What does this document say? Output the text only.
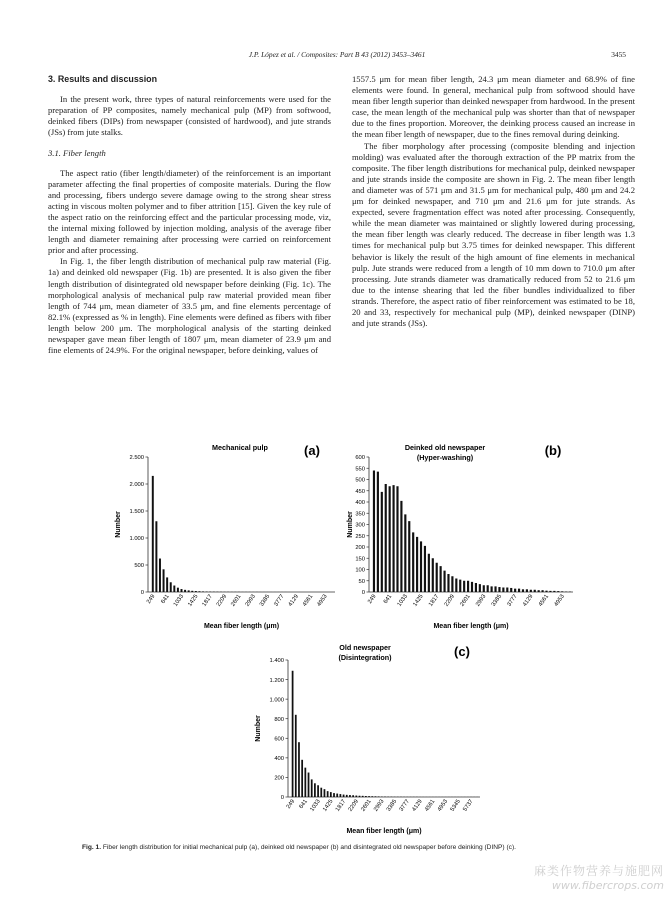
J.P. López et al. / Composites: Part B 43 (2012) 3453–3461	3455
3. Results and discussion

In the present work, three types of natural reinforcements were used for the preparation of PP composites, namely mechanical pulp (MP) from softwood, deinked fibers (DIPs) from newspaper (consisted of hardwood), and jute strands (JSs) from jute stalks.

3.1. Fiber length

The aspect ratio (fiber length/diameter) of the reinforcement is an important parameter affecting the final properties of composite materials. During the flow and processing, fibers undergo severe damage owing to the strong shear stress acting in viscous molten polymer and to fiber attrition [15]. Given the key rule of the aspect ratio on the reinforcing effect and the particular processing mode, viz, the internal mixing followed by injection molding, analysis of the average fiber length and diameter remaining after processing were carried on reinforcement prior and after processing.

In Fig. 1, the fiber length distribution of mechanical pulp raw material (Fig. 1a) and deinked old newspaper (Fig. 1b) are presented. It is also given the fiber length distribution of disintegrated old newspaper before deinking (Fig. 1c). The morphological analysis of mechanical pulp raw material provided mean fiber length of 744 μm, mean diameter of 33.5 μm, and fine elements percentage of 82.1% (expressed as % in length). Fine elements were defined as fibers with fiber length below 200 μm. The morphological analysis of the starting deinked newspaper gave mean fiber length of 1807 μm, mean diameter of 23.9 μm and fine elements of 24.9%. For the original newspaper, before deinking, values of

1557.5 μm for mean fiber length, 24.3 μm mean diameter and 68.9% of fine elements were found. In general, mechanical pulp from softwood should have mean fiber length superior than deinked newspaper from hardwood. In the present case, the mean length of the mechanical pulp was shorter than that of newspaper due to the fines proportion. Moreover, the deinking process caused an increase in the mean fiber length of newspaper, due to the fines removal during deinking.

The fiber morphology after processing (composite blending and injection molding) was evaluated after the thorough extraction of the PP matrix from the composite. The fiber length distributions for mechanical pulp, deinked newspaper and jute strands inside the composite are shown in Fig. 2. The mean fiber length and diameter was of 571 μm and 31.5 μm for mechanical pulp, 480 μm and 24.2 μm for deinked newspaper, and 710 μm and 21.6 μm for jute strands. As expected, severe fragmentation effect was noted after processing. Consequently, while the mean diameter was maintained or slightly lowered during processing, the mean fiber length was clearly reduced. The decrease in fiber length was 1.3 times for mechanical pulp but 3.75 times for deinked newspaper. This different behavior is likely the result of the high amount of fine elements in mechanical pulp. Jute strands were reduced from a length of 10 mm down to 710.0 μm after processing. Jute strands diameter was dramatically reduced from 52 to 21.6 μm due to the intense shearing that led the fiber bundles individualized to fiber strands. Therefore, the aspect ratio of fiber reinforcement was estimated to be 18, 20 and 33, respectively for mechanical pulp (MP), deinked newspaper (DINP) and jute strands (JSs).

Mechanical pulp	(a)
0
500
1.000
1.500
2.000
2.500
249 641 1033 1425 1817 2209 2601 2993 3385 3777 4129 4561 4953
Mean fiber length (μm)
Number
Deinked old newspaper
(Hyper-washing)	(b)
0
50
100
150
200
250
300
350
400
450
500
550
600
249 641 1033 1425 1817 2209 2601 2993 3385 3777 4129 4561 4953
Mean fiber length (μm)
Number
Old newspaper
(Disintegration)	(c)
0
200
400
600
800
1.000
1.200
1.400
249 641 1033 1425 1817 2209 2601 2993 3385 3777 4129 4561 4953 5345 5737
Mean fiber length (μm)
Number
Fig. 1. Fiber length distribution for initial mechanical pulp (a), deinked old newspaper (b) and disintegrated old newspaper before deinking (DINP) (c).
麻类作物营养与施肥网
www.fibercrops.com
